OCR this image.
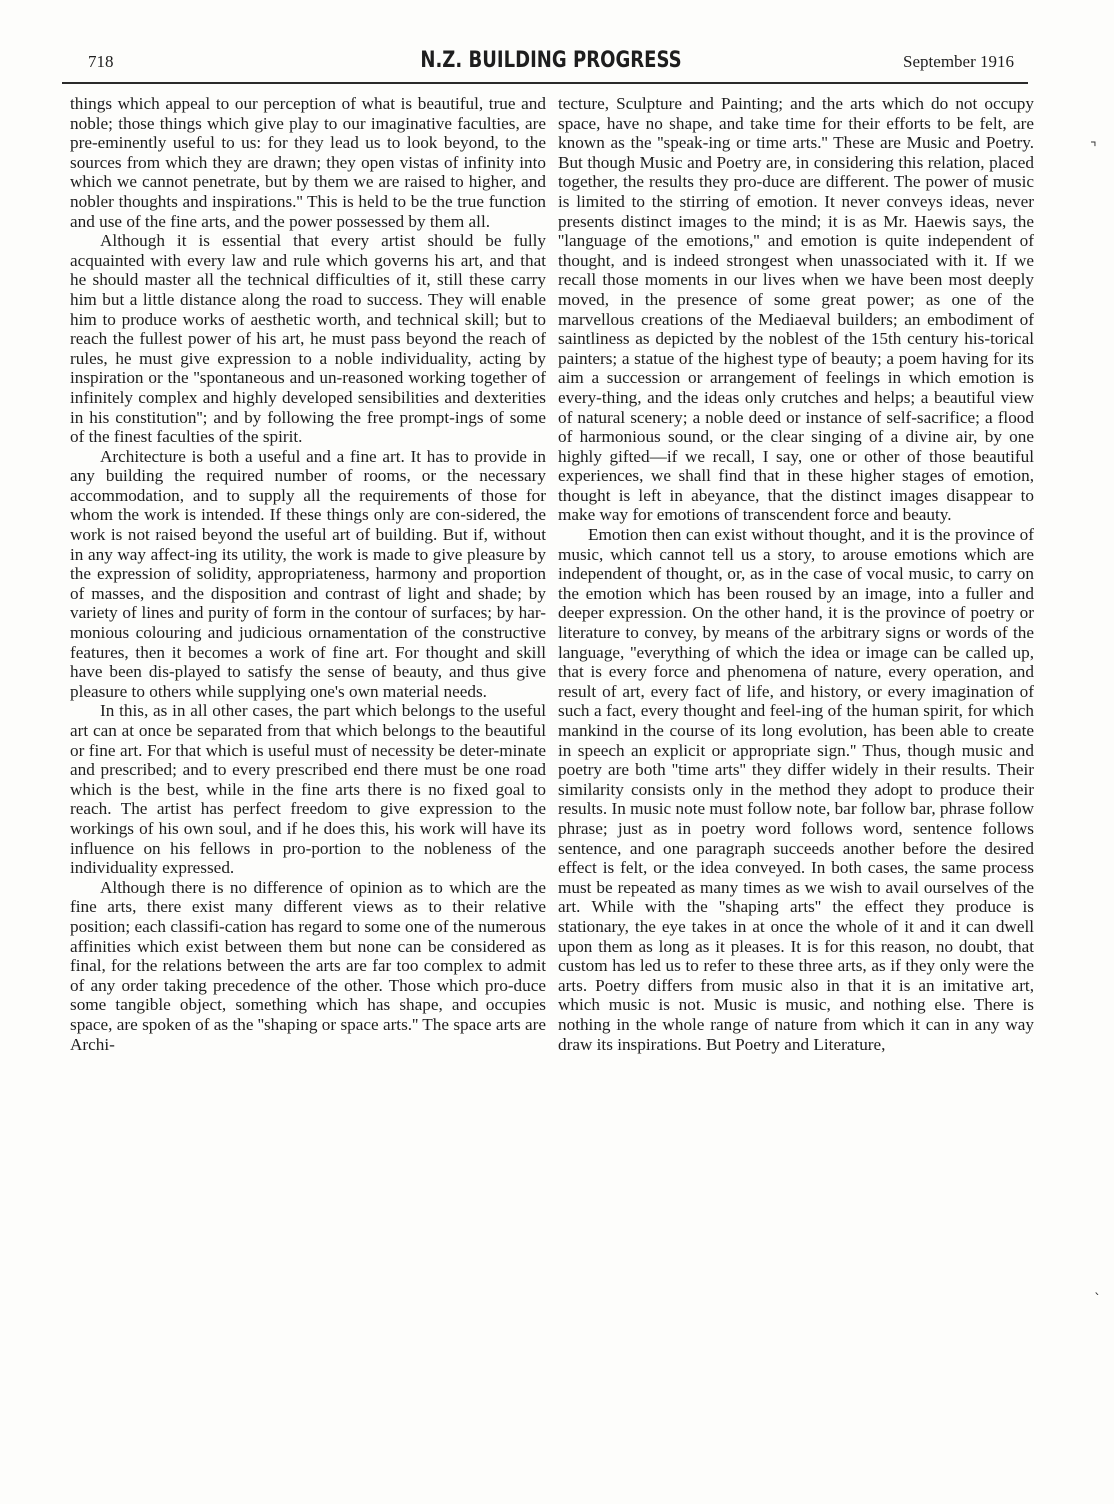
718	N.Z. BUILDING PROGRESS	September 1916

things which appeal to our perception of what is beautiful, true and noble; those things which give play to our imaginative faculties, are pre-eminently useful to us: for they lead us to look beyond, to the sources from which they are drawn; they open vistas of infinity into which we cannot penetrate, but by them we are raised to higher, and nobler thoughts and inspirations.'' This is held to be the true function and use of the fine arts, and the power possessed by them all.

Although it is essential that every artist should be fully acquainted with every law and rule which governs his art, and that he should master all the technical difficulties of it, still these carry him but a little distance along the road to success. They will enable him to produce works of aesthetic worth, and technical skill; but to reach the fullest power of his art, he must pass beyond the reach of rules, he must give expression to a noble individuality, acting by inspiration or the ''spontaneous and un-reasoned working together of infinitely complex and highly developed sensibilities and dexterities in his constitution''; and by following the free prompt-ings of some of the finest faculties of the spirit.

Architecture is both a useful and a fine art. It has to provide in any building the required number of rooms, or the necessary accommodation, and to supply all the requirements of those for whom the work is intended. If these things only are con-sidered, the work is not raised beyond the useful art of building. But if, without in any way affect-ing its utility, the work is made to give pleasure by the expression of solidity, appropriateness, harmony and proportion of masses, and the disposition and contrast of light and shade; by variety of lines and purity of form in the contour of surfaces; by har-monious colouring and judicious ornamentation of the constructive features, then it becomes a work of fine art. For thought and skill have been dis-played to satisfy the sense of beauty, and thus give pleasure to others while supplying one's own material needs.

In this, as in all other cases, the part which belongs to the useful art can at once be separated from that which belongs to the beautiful or fine art. For that which is useful must of necessity be deter-minate and prescribed; and to every prescribed end there must be one road which is the best, while in the fine arts there is no fixed goal to reach. The artist has perfect freedom to give expression to the workings of his own soul, and if he does this, his work will have its influence on his fellows in pro-portion to the nobleness of the individuality expressed.

Although there is no difference of opinion as to which are the fine arts, there exist many different views as to their relative position; each classifi-cation has regard to some one of the numerous affinities which exist between them but none can be considered as final, for the relations between the arts are far too complex to admit of any order taking precedence of the other. Those which pro-duce some tangible object, something which has shape, and occupies space, are spoken of as the ''shaping or space arts.'' The space arts are Archi-

tecture, Sculpture and Painting; and the arts which do not occupy space, have no shape, and take time for their efforts to be felt, are known as the ''speak-ing or time arts.'' These are Music and Poetry. But though Music and Poetry are, in considering this relation, placed together, the results they pro-duce are different. The power of music is limited to the stirring of emotion. It never conveys ideas, never presents distinct images to the mind; it is as Mr. Haewis says, the ''language of the emotions,'' and emotion is quite independent of thought, and is indeed strongest when unassociated with it. If we recall those moments in our lives when we have been most deeply moved, in the presence of some great power; as one of the marvellous creations of the Mediaeval builders; an embodiment of saintliness as depicted by the noblest of the 15th century his-torical painters; a statue of the highest type of beauty; a poem having for its aim a succession or arrangement of feelings in which emotion is every-thing, and the ideas only crutches and helps; a beautiful view of natural scenery; a noble deed or instance of self-sacrifice; a flood of harmonious sound, or the clear singing of a divine air, by one highly gifted—if we recall, I say, one or other of those beautiful experiences, we shall find that in these higher stages of emotion, thought is left in abeyance, that the distinct images disappear to make way for emotions of transcendent force and beauty.

Emotion then can exist without thought, and it is the province of music, which cannot tell us a story, to arouse emotions which are independent of thought, or, as in the case of vocal music, to carry on the emotion which has been roused by an image, into a fuller and deeper expression. On the other hand, it is the province of poetry or literature to convey, by means of the arbitrary signs or words of the language, ''everything of which the idea or image can be called up, that is every force and phenomena of nature, every operation, and result of art, every fact of life, and history, or every imagination of such a fact, every thought and feel-ing of the human spirit, for which mankind in the course of its long evolution, has been able to create in speech an explicit or appropriate sign.'' Thus, though music and poetry are both ''time arts'' they differ widely in their results. Their similarity consists only in the method they adopt to produce their results. In music note must follow note, bar follow bar, phrase follow phrase; just as in poetry word follows word, sentence follows sentence, and one paragraph succeeds another before the desired effect is felt, or the idea conveyed. In both cases, the same process must be repeated as many times as we wish to avail ourselves of the art. While with the ''shaping arts'' the effect they produce is stationary, the eye takes in at once the whole of it and it can dwell upon them as long as it pleases. It is for this reason, no doubt, that custom has led us to refer to these three arts, as if they only were the arts. Poetry differs from music also in that it is an imitative art, which music is not. Music is music, and nothing else. There is nothing in the whole range of nature from which it can in any way draw its inspirations. But Poetry and Literature,

⌝
`
